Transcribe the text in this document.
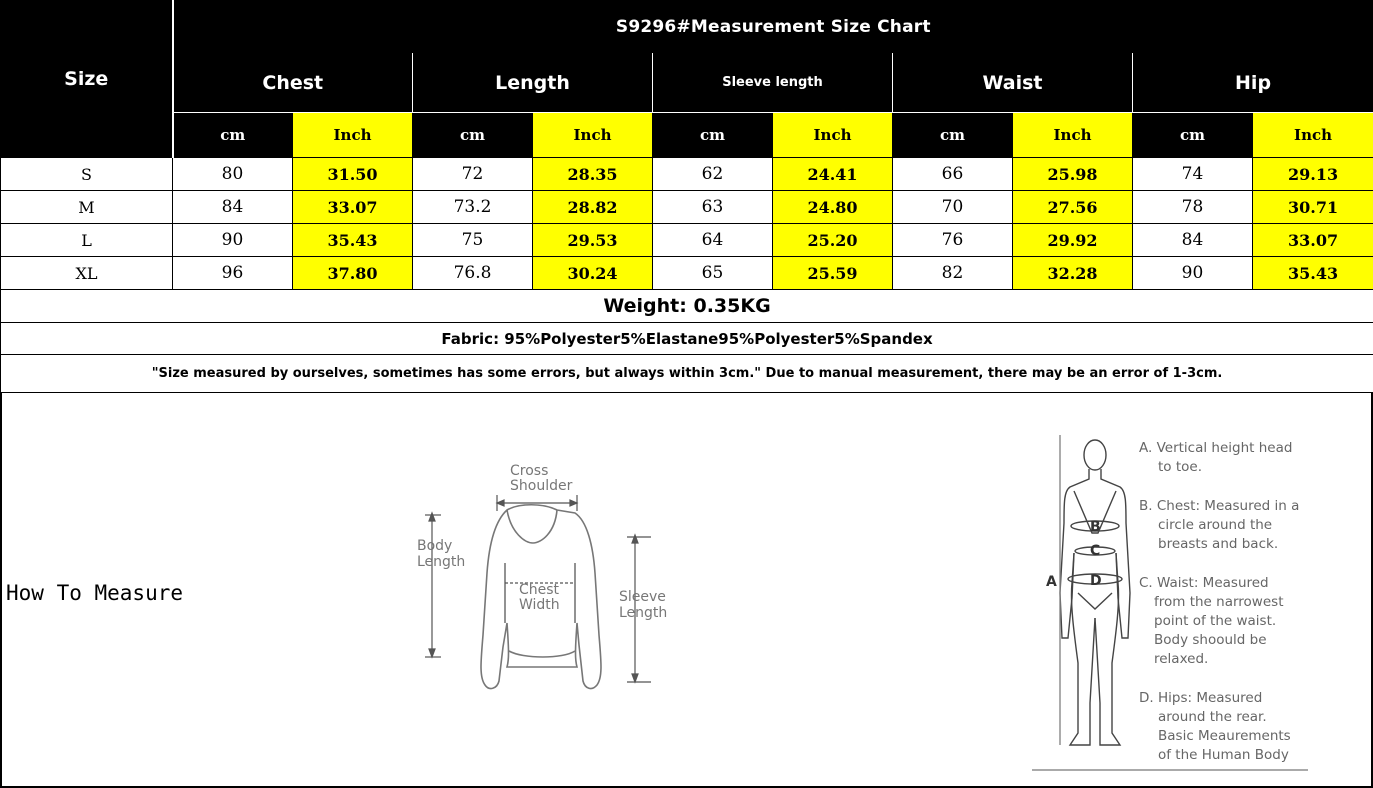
Size	S9296#Measurement Size Chart									
	Chest		Length		Sleeve length		Waist		Hip	
	cm	Inch	cm	Inch	cm	Inch	cm	Inch	cm	Inch
S	80	31.50	72	28.35	62	24.41	66	25.98	74	29.13
M	84	33.07	73.2	28.82	63	24.80	70	27.56	78	30.71
L	90	35.43	75	29.53	64	25.20	76	29.92	84	33.07
XL	96	37.80	76.8	30.24	65	25.59	82	32.28	90	35.43
Weight: 0.35KG										
Fabric: 95%Polyester5%Elastane95%Polyester5%Spandex										
"Size measured by ourselves, sometimes has some errors, but always within 3cm." Due to manual measurement, there may be an error of 1-3cm.										
How To Measure
Cross
Shoulder
Body
Length
Chest
Width	Sleeve
Length
A
B
C
D
A. Vertical height head
to toe.
B. Chest: Measured in a
circle around the
breasts and back.
C. Waist: Measured
from the narrowest
point of the waist.
Body shoould be
relaxed.
D. Hips: Measured
around the rear.
Basic Meaurements
of the Human Body
